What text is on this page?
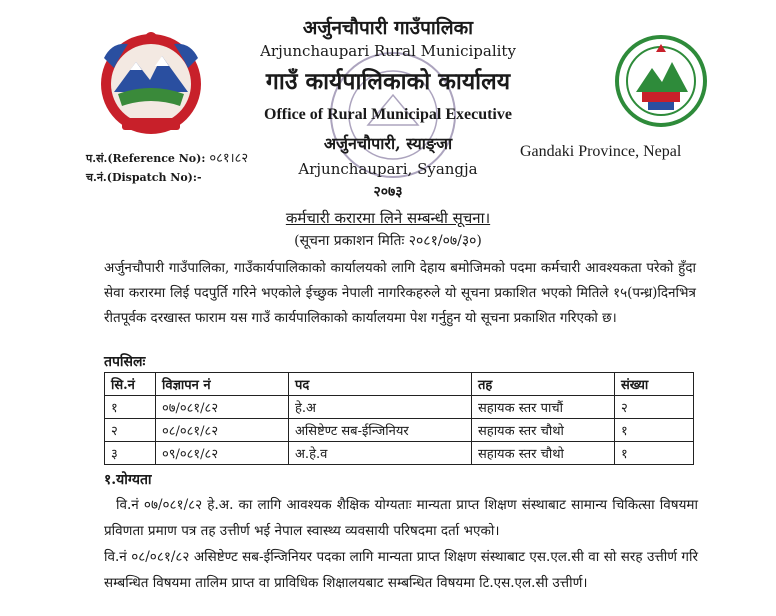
अर्जुनचौपारी गाउँपालिका
Arjunchaupari Rural Municipality
गाउँ कार्यपालिकाको कार्यालय
Office of Rural Municipal Executive
अर्जुनचौपारी, स्याङ्जा
Arjunchaupari, Syangja
२०७३
Gandaki Province, Nepal
प.सं.(Reference No): ०८१।८२
च.नं.(Dispatch No):-
कर्मचारी करारमा लिने सम्बन्धी सूचना।
(सूचना प्रकाशन मितिः २०८१/०७/३०)
अर्जुनचौपारी गाउँपालिका, गाउँकार्यपालिकाको कार्यालयको लागि देहाय बमोजिमको पदमा कर्मचारी आवश्यकता परेको हुँदा सेवा करारमा लिई पदपुर्ति गरिने भएकोले ईच्छुक नेपाली नागरिकहरुले यो सूचना प्रकाशित भएको मितिले १५(पन्ध्र)दिनभित्र रीतपूर्वक दरखास्त फाराम यस गाउँ कार्यपालिकाको कार्यालयमा पेश गर्नुहुन यो सूचना प्रकाशित गरिएको छ।
तपसिलः
सि.नं	विज्ञापन नं	पद	तह	संख्या
१	०७/०८१/८२	हे.अ	सहायक स्तर पाचौं	२
२	०८/०८१/८२	असिष्टेण्ट सब-ईन्जिनियर	सहायक स्तर चौथो	१
३	०९/०८१/८२	अ.हे.व	सहायक स्तर चौथो	१
१.योग्यता
वि.नं ०७/०८१/८२ हे.अ. का लागि आवश्यक शैक्षिक योग्यताः मान्यता प्राप्त शिक्षण संस्थाबाट सामान्य चिकित्सा विषयमा प्रविणता प्रमाण पत्र तह उत्तीर्ण भई नेपाल स्वास्थ्य व्यवसायी परिषदमा दर्ता भएको।
वि.नं ०८/०८१/८२ असिष्टेण्ट सब-ईन्जिनियर पदका लागि मान्यता प्राप्त शिक्षण संस्थाबाट एस.एल.सी वा सो सरह उत्तीर्ण गरि सम्बन्धित विषयमा तालिम प्राप्त वा प्राविधिक शिक्षालयबाट सम्बन्धित विषयमा टि.एस.एल.सी उत्तीर्ण।
